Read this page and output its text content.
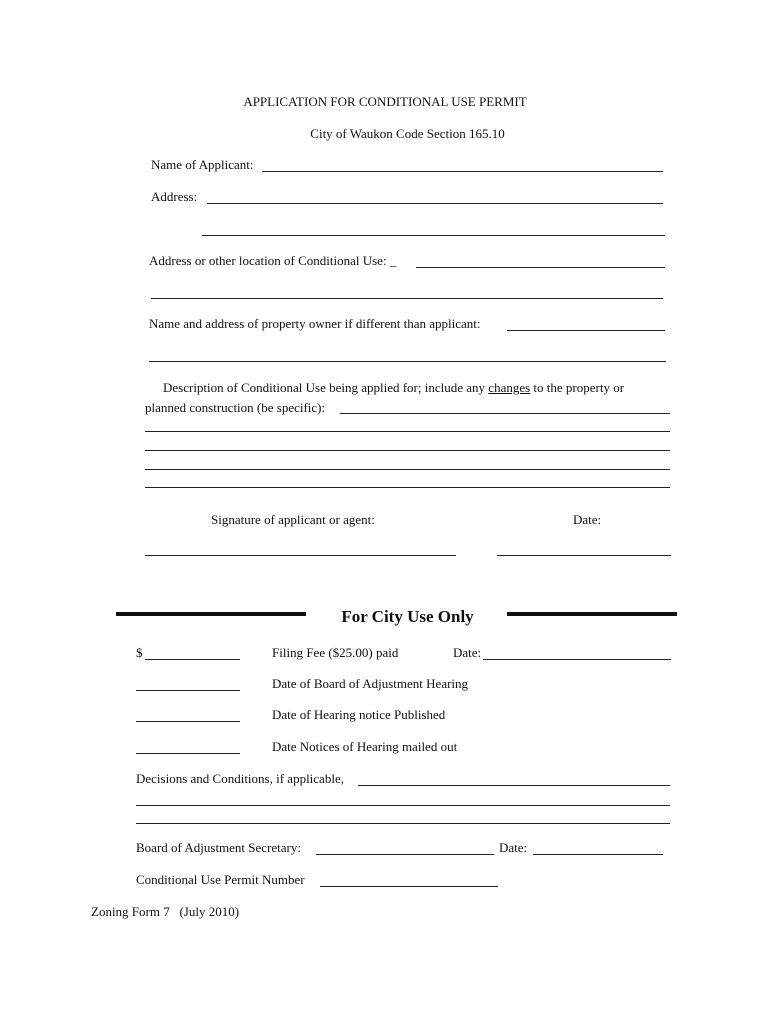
APPLICATION FOR CONDITIONAL USE PERMIT
City of Waukon Code Section 165.10
Name of Applicant:
Address:
Address or other location of Conditional Use: _
Name and address of property owner if different than applicant:
Description of Conditional Use being applied for; include any changes to the property or
planned construction (be specific):
Signature of applicant or agent:	Date:
For City Use Only
$	Filing Fee ($25.00) paid	Date:
Date of Board of Adjustment Hearing
Date of Hearing notice Published
Date Notices of Hearing mailed out
Decisions and Conditions, if applicable,
Board of Adjustment Secretary:	Date:
Conditional Use Permit Number
Zoning Form 7   (July 2010)
